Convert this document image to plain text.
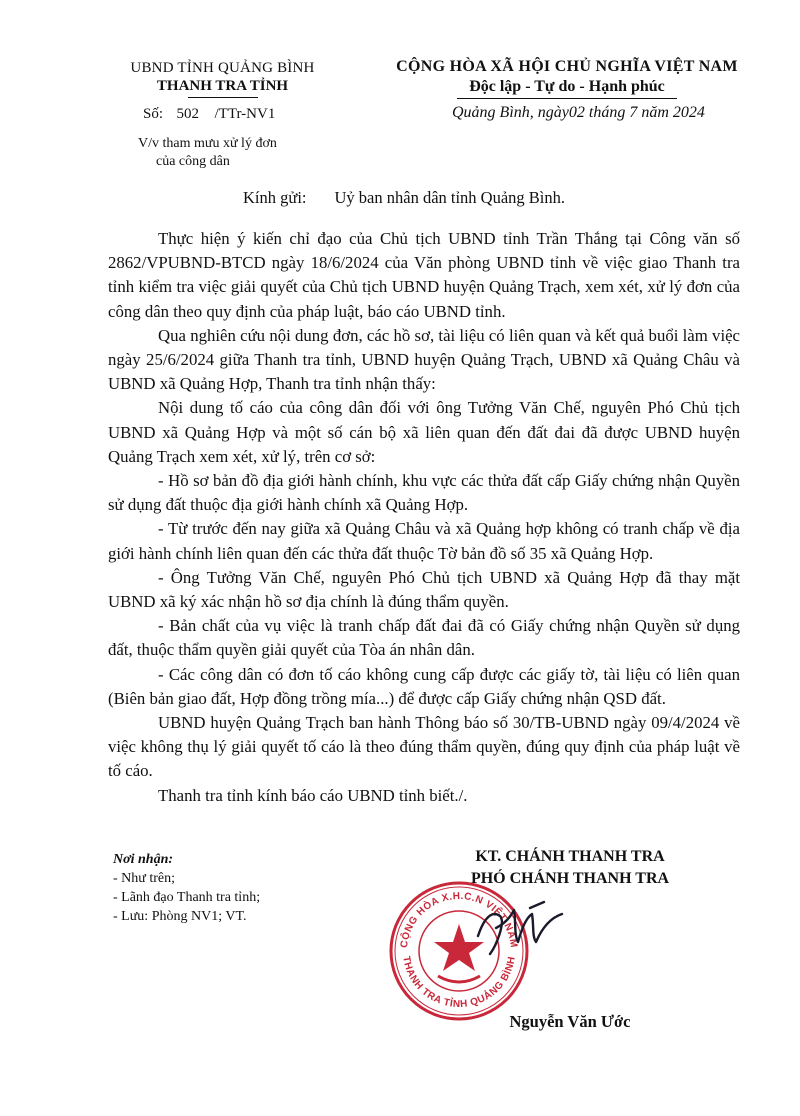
UBND TỈNH QUẢNG BÌNH
THANH TRA TỈNH
CỘNG HÒA XÃ HỘI CHỦ NGHĨA VIỆT NAM
Độc lập - Tự do - Hạnh phúc
Số: 502 /TTr-NV1	Quảng Bình, ngày02 tháng 7 năm 2024
V/v tham mưu xử lý đơn
của công dân
Kính gửi: Uỷ ban nhân dân tỉnh Quảng Bình.

Thực hiện ý kiến chỉ đạo của Chủ tịch UBND tỉnh Trần Thắng tại Công văn số 2862/VPUBND-BTCD ngày 18/6/2024 của Văn phòng UBND tỉnh về việc giao Thanh tra tỉnh kiểm tra việc giải quyết của Chủ tịch UBND huyện Quảng Trạch, xem xét, xử lý đơn của công dân theo quy định của pháp luật, báo cáo UBND tỉnh.

Qua nghiên cứu nội dung đơn, các hồ sơ, tài liệu có liên quan và kết quả buổi làm việc ngày 25/6/2024 giữa Thanh tra tỉnh, UBND huyện Quảng Trạch, UBND xã Quảng Châu và UBND xã Quảng Hợp, Thanh tra tỉnh nhận thấy:

Nội dung tố cáo của công dân đối với ông Tưởng Văn Chế, nguyên Phó Chủ tịch UBND xã Quảng Hợp và một số cán bộ xã liên quan đến đất đai đã được UBND huyện Quảng Trạch xem xét, xử lý, trên cơ sở:

- Hồ sơ bản đồ địa giới hành chính, khu vực các thửa đất cấp Giấy chứng nhận Quyền sử dụng đất thuộc địa giới hành chính xã Quảng Hợp.

- Từ trước đến nay giữa xã Quảng Châu và xã Quảng hợp không có tranh chấp về địa giới hành chính liên quan đến các thửa đất thuộc Tờ bản đồ số 35 xã Quảng Hợp.

- Ông Tưởng Văn Chế, nguyên Phó Chủ tịch UBND xã Quảng Hợp đã thay mặt UBND xã ký xác nhận hồ sơ địa chính là đúng thẩm quyền.

- Bản chất của vụ việc là tranh chấp đất đai đã có Giấy chứng nhận Quyền sử dụng đất, thuộc thẩm quyền giải quyết của Tòa án nhân dân.

- Các công dân có đơn tố cáo không cung cấp được các giấy tờ, tài liệu có liên quan (Biên bản giao đất, Hợp đồng trồng mía...) để được cấp Giấy chứng nhận QSD đất.

UBND huyện Quảng Trạch ban hành Thông báo số 30/TB-UBND ngày 09/4/2024 về việc không thụ lý giải quyết tố cáo là theo đúng thẩm quyền, đúng quy định của pháp luật về tố cáo.

Thanh tra tỉnh kính báo cáo UBND tỉnh biết./.

Nơi nhận:
- Như trên;
- Lãnh đạo Thanh tra tỉnh;
- Lưu: Phòng NV1; VT.
KT. CHÁNH THANH TRA
PHÓ CHÁNH THANH TRA
CỘNG HÒA X.H.C.N VIỆT NAM
THANH TRA TỈNH QUẢNG BÌNH
Nguyễn Văn Ước
